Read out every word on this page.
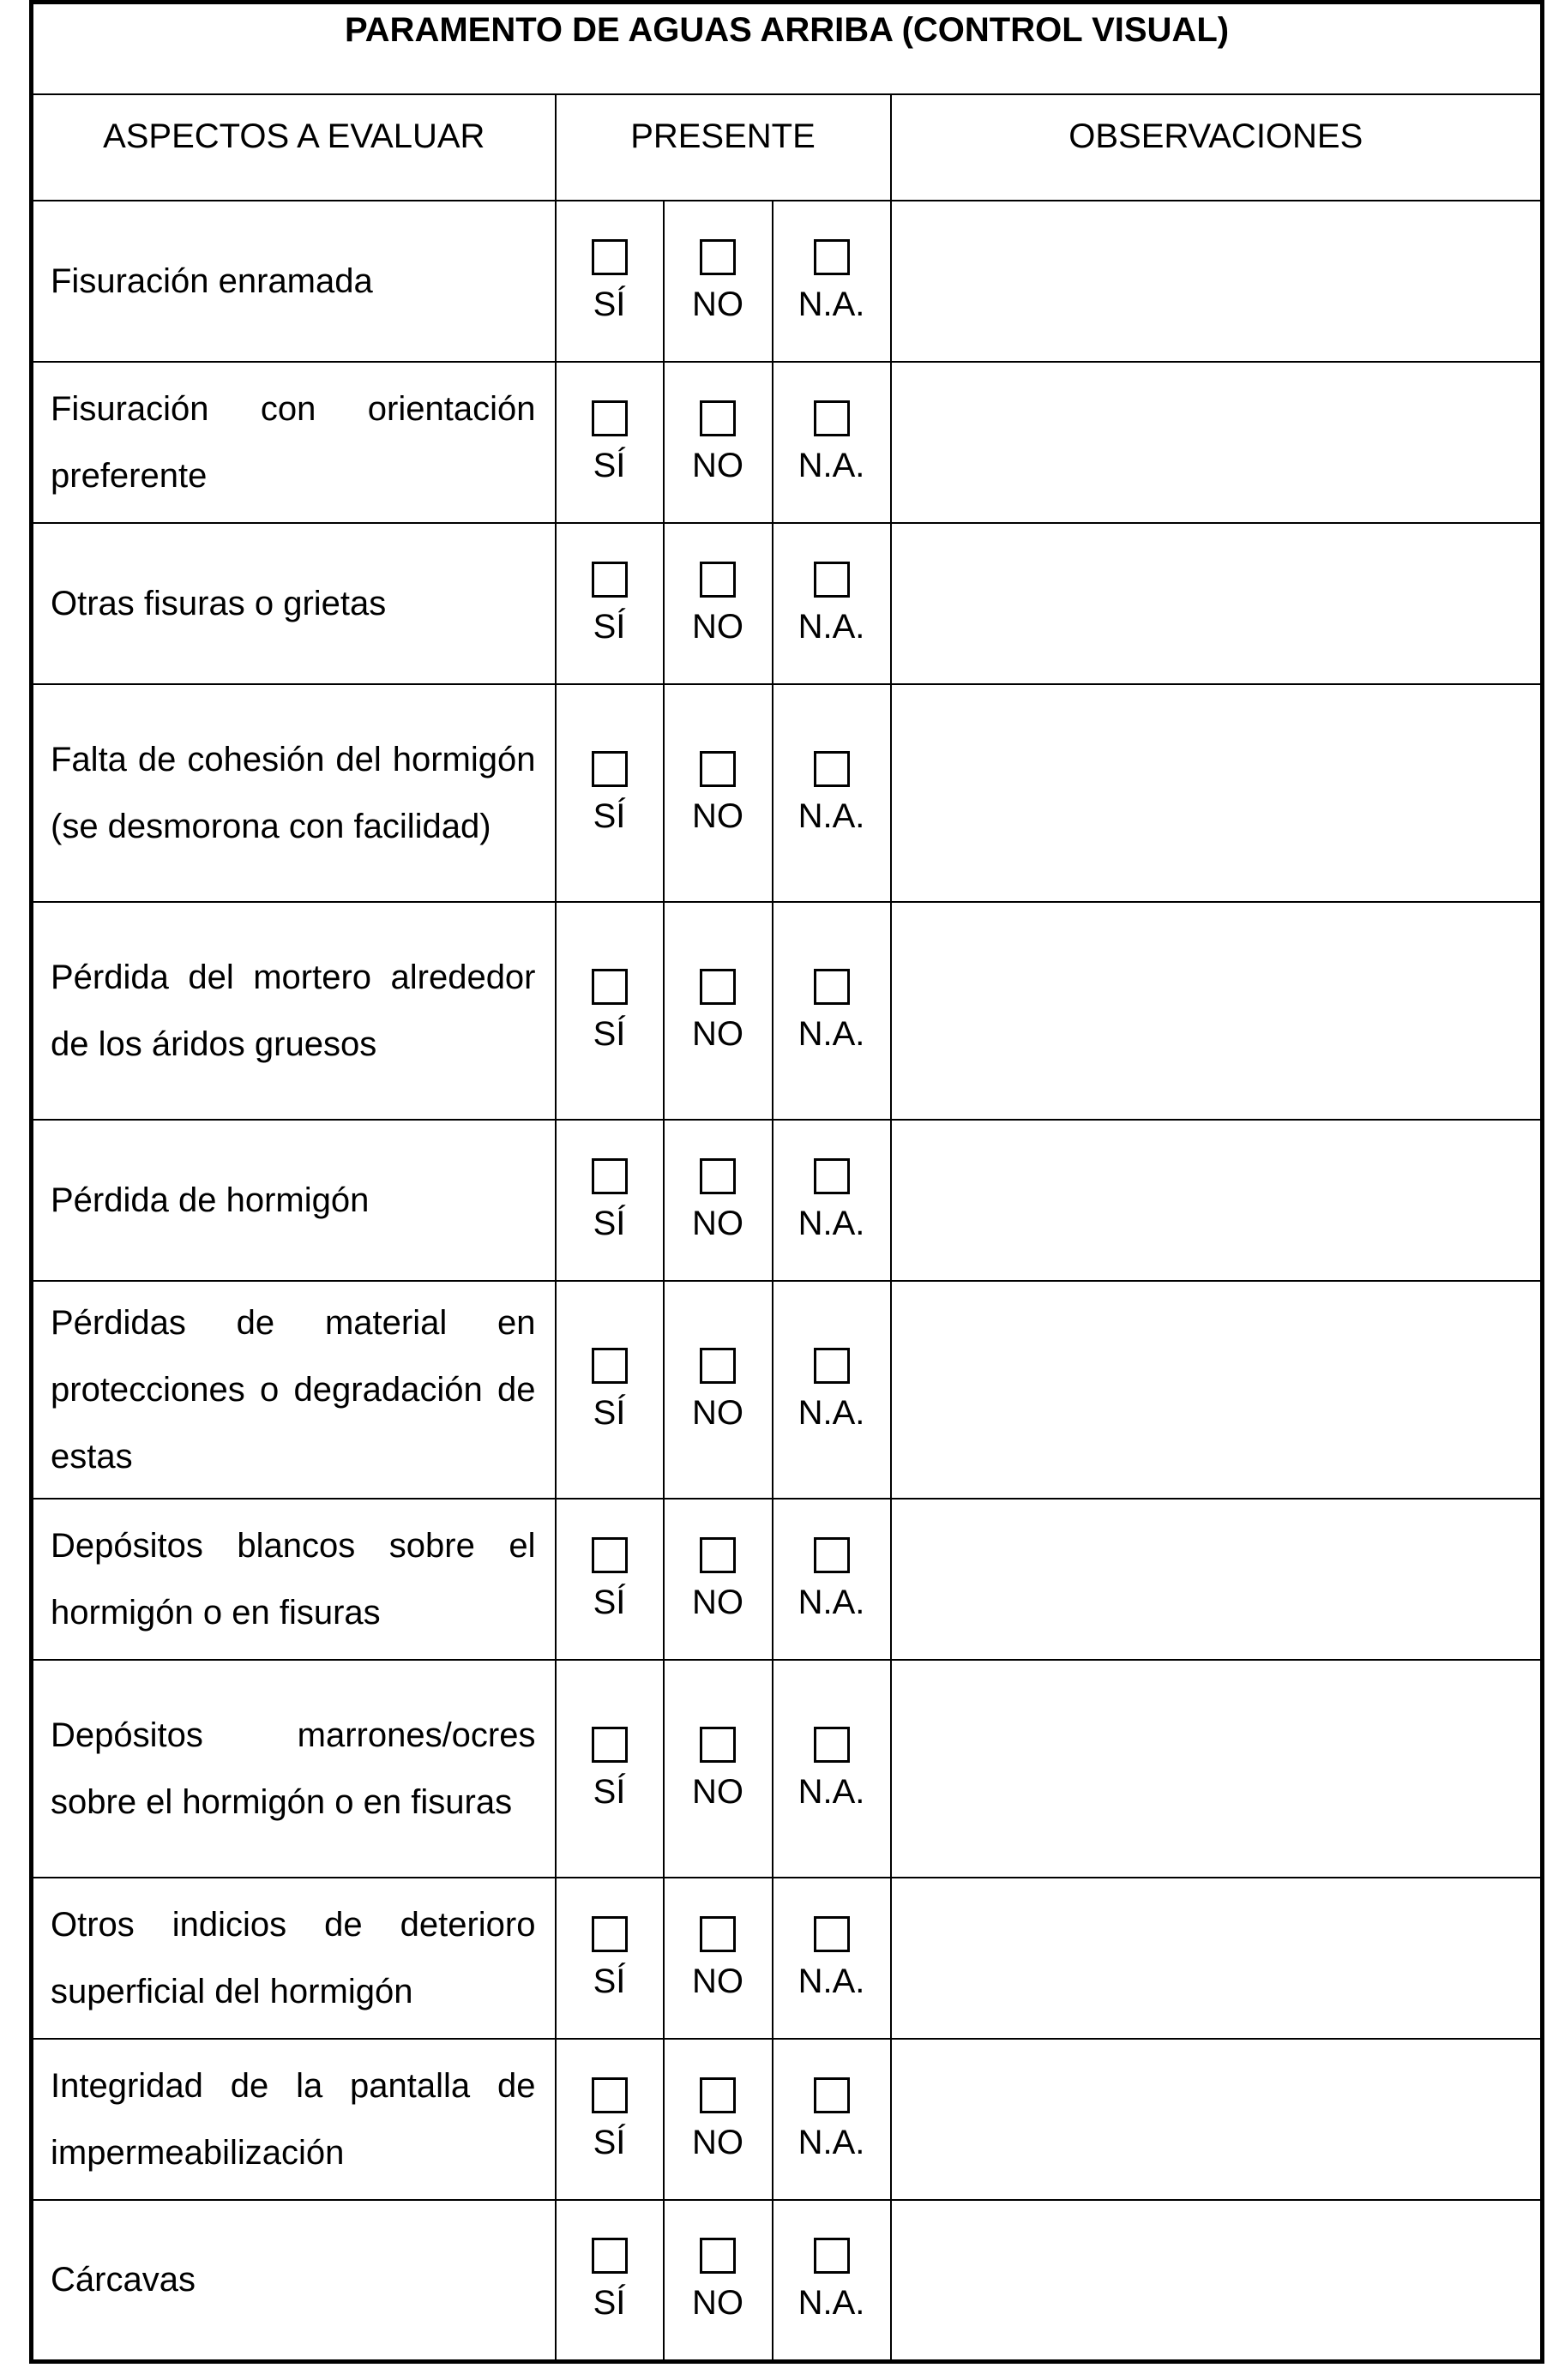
PARAMENTO DE AGUAS ARRIBA (CONTROL VISUAL)				
ASPECTOS A EVALUAR	PRESENTE			OBSERVACIONES
Fisuración enramada	SÍ	NO	N.A.	

Fisuración con orientación preferente	SÍ	NO	N.A.	

Otras fisuras o grietas	SÍ	NO	N.A.	

Falta de cohesión del hormigón (se desmorona con facilidad)	SÍ	NO	N.A.	

Pérdida del mortero alrededor de los áridos gruesos	SÍ	NO	N.A.	

Pérdida de hormigón	SÍ	NO	N.A.	

Pérdidas de material en protecciones o degradación de estas	SÍ	NO	N.A.	

Depósitos blancos sobre el hormigón o en fisuras	SÍ	NO	N.A.	

Depósitos marrones/ocres sobre el hormigón o en fisuras	SÍ	NO	N.A.	

Otros indicios de deterioro superficial del hormigón	SÍ	NO	N.A.	

Integridad de la pantalla de impermeabilización	SÍ	NO	N.A.	

Cárcavas	SÍ	NO	N.A.	
